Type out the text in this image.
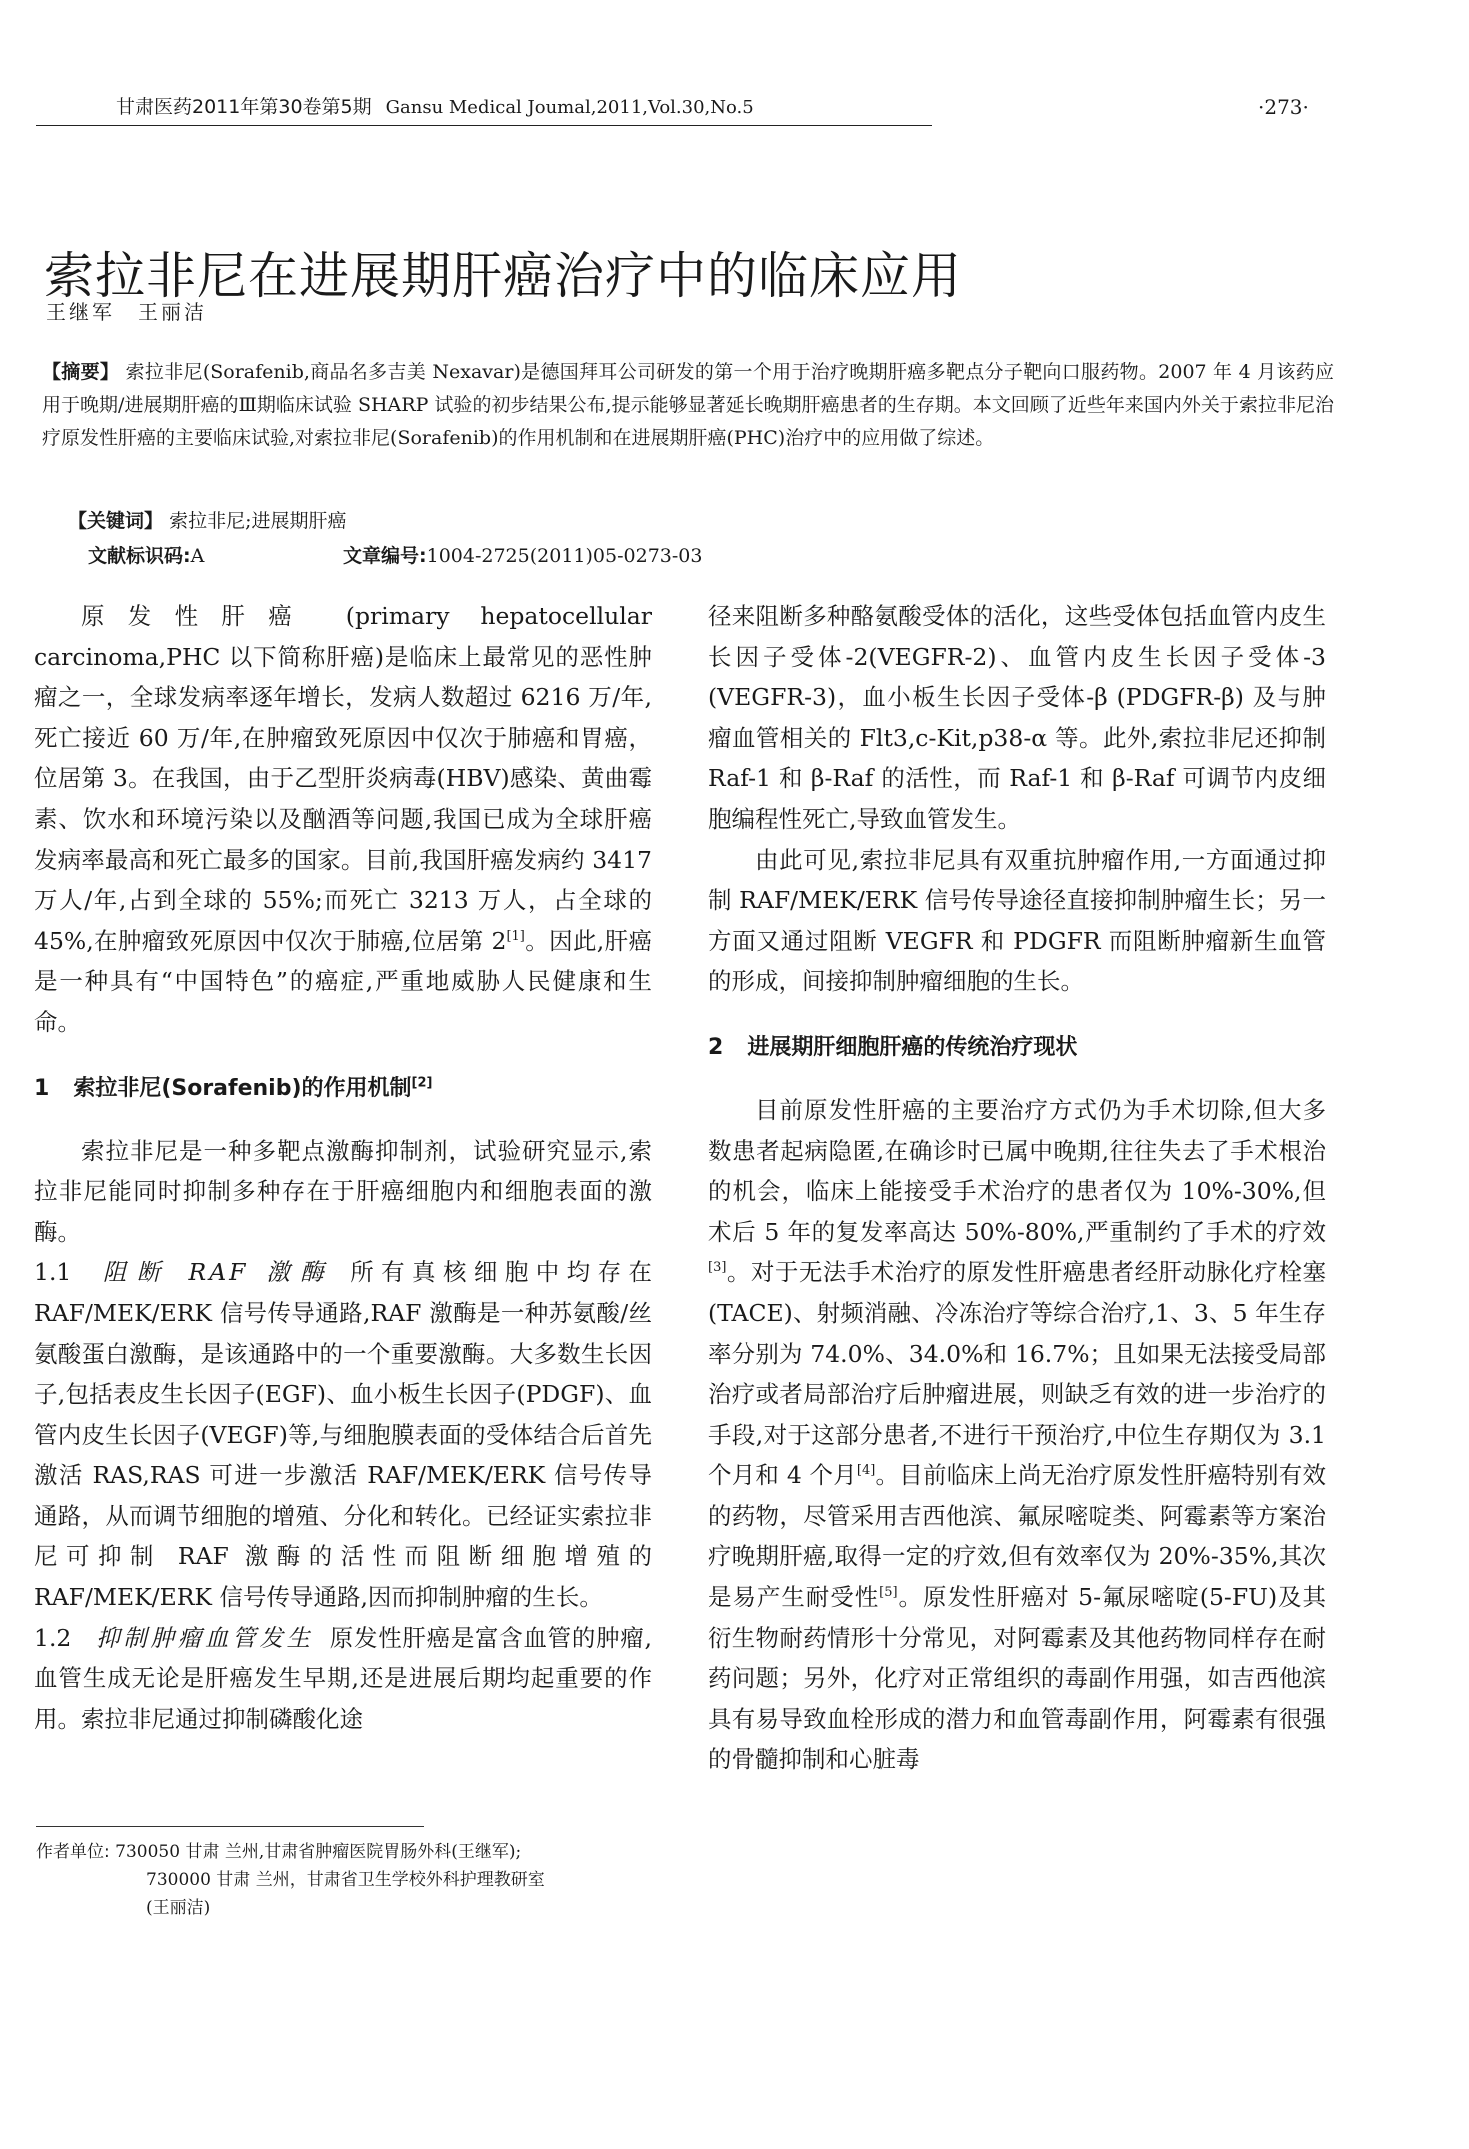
甘肃医药2011年第30卷第5期 Gansu Medical Joumal,2011,Vol.30,No.5	·273·
索拉非尼在进展期肝癌治疗中的临床应用
王继军　王丽洁
【摘要】 索拉非尼(Sorafenib,商品名多吉美 Nexavar)是德国拜耳公司研发的第一个用于治疗晚期肝癌多靶点分子靶向口服药物。2007 年 4 月该药应用于晚期/进展期肝癌的Ⅲ期临床试验 SHARP 试验的初步结果公布,提示能够显著延长晚期肝癌患者的生存期。本文回顾了近些年来国内外关于索拉非尼治疗原发性肝癌的主要临床试验,对索拉非尼(Sorafenib)的作用机制和在进展期肝癌(PHC)治疗中的应用做了综述。
【关键词】 索拉非尼;进展期肝癌
文献标识码:A	文章编号:1004-2725(2011)05-0273-03

原发性肝癌 (primary hepatocellular carcinoma,PHC 以下简称肝癌)是临床上最常见的恶性肿瘤之一，全球发病率逐年增长，发病人数超过 6216 万/年,死亡接近 60 万/年,在肿瘤致死原因中仅次于肺癌和胃癌，位居第 3。在我国，由于乙型肝炎病毒(HBV)感染、黄曲霉素、饮水和环境污染以及酗酒等问题,我国已成为全球肝癌发病率最高和死亡最多的国家。目前,我国肝癌发病约 3417 万人/年,占到全球的 55%;而死亡 3213 万人，占全球的 45%,在肿瘤致死原因中仅次于肺癌,位居第 2[1]。因此,肝癌是一种具有“中国特色”的癌症,严重地威胁人民健康和生命。

1 索拉非尼(Sorafenib)的作用机制[2]

索拉非尼是一种多靶点激酶抑制剂，试验研究显示,索拉非尼能同时抑制多种存在于肝癌细胞内和细胞表面的激酶。

1.1 阻断 RAF 激酶 所有真核细胞中均存在 RAF/MEK/ERK 信号传导通路,RAF 激酶是一种苏氨酸/丝氨酸蛋白激酶，是该通路中的一个重要激酶。大多数生长因子,包括表皮生长因子(EGF)、血小板生长因子(PDGF)、血管内皮生长因子(VEGF)等,与细胞膜表面的受体结合后首先激活 RAS,RAS 可进一步激活 RAF/MEK/ERK 信号传导通路，从而调节细胞的增殖、分化和转化。已经证实索拉非尼可抑制 RAF 激酶的活性而阻断细胞增殖的 RAF/MEK/ERK 信号传导通路,因而抑制肿瘤的生长。

1.2 抑制肿瘤血管发生 原发性肝癌是富含血管的肿瘤,血管生成无论是肝癌发生早期,还是进展后期均起重要的作用。索拉非尼通过抑制磷酸化途

径来阻断多种酪氨酸受体的活化，这些受体包括血管内皮生长因子受体-2(VEGFR-2)、血管内皮生长因子受体-3 (VEGFR-3)，血小板生长因子受体-β (PDGFR-β) 及与肿瘤血管相关的 Flt3,c-Kit,p38-α 等。此外,索拉非尼还抑制 Raf-1 和 β-Raf 的活性，而 Raf-1 和 β-Raf 可调节内皮细胞编程性死亡,导致血管发生。

由此可见,索拉非尼具有双重抗肿瘤作用,一方面通过抑制 RAF/MEK/ERK 信号传导途径直接抑制肿瘤生长；另一方面又通过阻断 VEGFR 和 PDGFR 而阻断肿瘤新生血管的形成，间接抑制肿瘤细胞的生长。

2 进展期肝细胞肝癌的传统治疗现状

目前原发性肝癌的主要治疗方式仍为手术切除,但大多数患者起病隐匿,在确诊时已属中晚期,往往失去了手术根治的机会，临床上能接受手术治疗的患者仅为 10%-30%,但术后 5 年的复发率高达 50%-80%,严重制约了手术的疗效[3]。对于无法手术治疗的原发性肝癌患者经肝动脉化疗栓塞(TACE)、射频消融、冷冻治疗等综合治疗,1、3、5 年生存率分别为 74.0%、34.0%和 16.7%；且如果无法接受局部治疗或者局部治疗后肿瘤进展，则缺乏有效的进一步治疗的手段,对于这部分患者,不进行干预治疗,中位生存期仅为 3.1 个月和 4 个月[4]。目前临床上尚无治疗原发性肝癌特别有效的药物，尽管采用吉西他滨、氟尿嘧啶类、阿霉素等方案治疗晚期肝癌,取得一定的疗效,但有效率仅为 20%-35%,其次是易产生耐受性[5]。原发性肝癌对 5-氟尿嘧啶(5-FU)及其衍生物耐药情形十分常见，对阿霉素及其他药物同样存在耐药问题；另外，化疗对正常组织的毒副作用强，如吉西他滨具有易导致血栓形成的潜力和血管毒副作用，阿霉素有很强的骨髓抑制和心脏毒

作者单位: 730050 甘肃 兰州,甘肃省肿瘤医院胃肠外科(王继军);
730000 甘肃 兰州，甘肃省卫生学校外科护理教研室
(王丽洁)
